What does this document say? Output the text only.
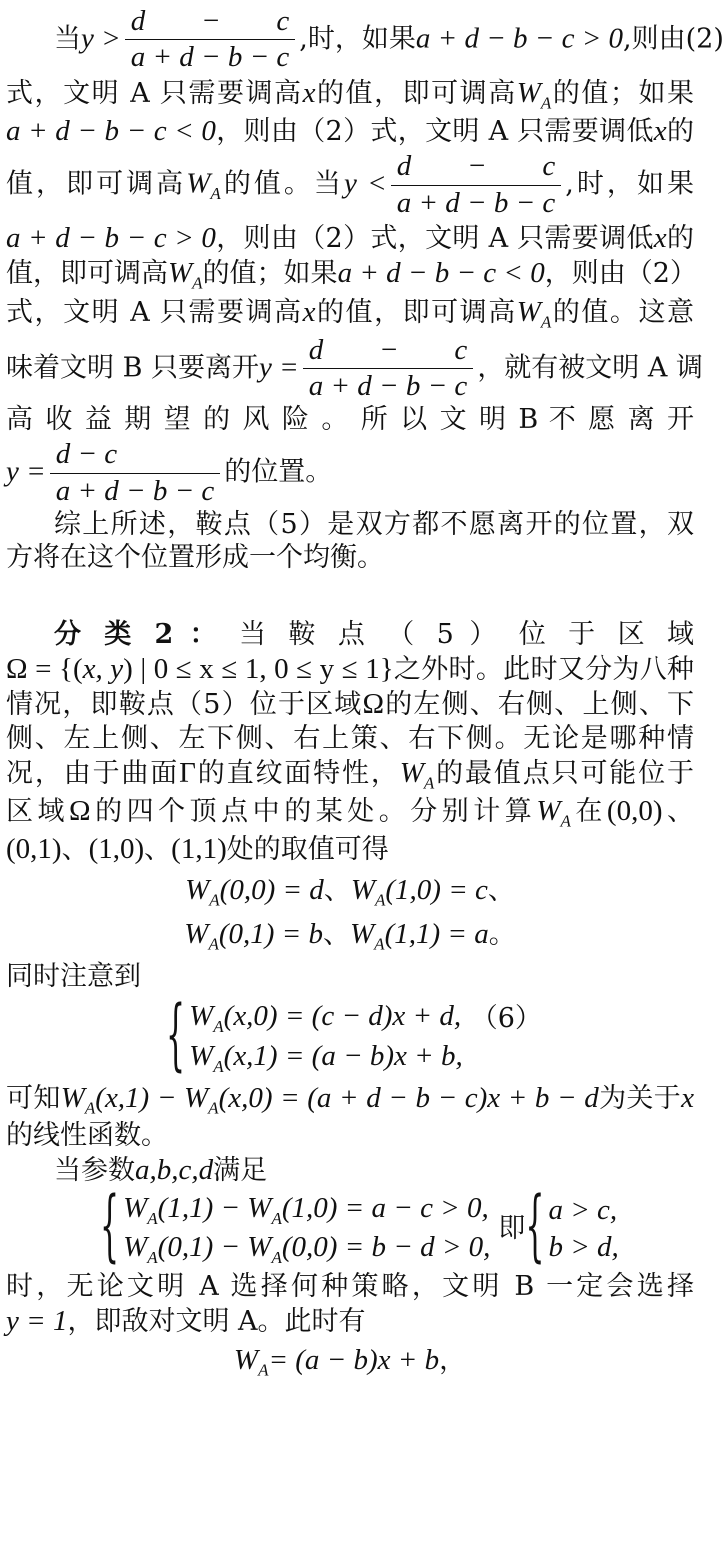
当$y > \frac{d - c}{a + d - b - c}$ ,时，如果a + d − b − c > 0,则由(2)

式，文明 A 只需要调高x的值，即可调高$W_A$的值；如果

a + d − b − c < 0，则由（2）式，文明 A 只需要调低x的

值，即可调高$W_A$的值。当$y < \frac{d - c}{a + d - b - c}$ ,时，如果

a + d − b − c > 0，则由（2）式，文明 A 只需要调低x的

值，即可调高$W_A$的值；如果a + d − b − c < 0，则由（2）

式，文明 A 只需要调高x的值，即可调高$W_A$的值。这意

味着文明 B 只要离开$y = \frac{d - c}{a + d - b - c}$ ，就有被文明 A 调

高 收 益 期 望 的 风 险 。 所 以 文 明 B 不 愿 离 开

$y = \frac{d - c}{a + d - b - c}$ 的位置。

综上所述，鞍点（5）是双方都不愿离开的位置，双

方将在这个位置形成一个均衡。

分 类 2 ： 当 鞍 点 （ 5 ） 位 于 区 域

Ω = {(x, y) | 0 ≤ x ≤ 1, 0 ≤ y ≤ 1}之外时。此时又分为八种

情况，即鞍点（5）位于区域Ω的左侧、右侧、上侧、下

侧、左上侧、左下侧、右上策、右下侧。无论是哪种情

况，由于曲面Γ的直纹面特性，$W_A$的最值点只可能位于

区域Ω的四个顶点中的某处。分别计算$W_A$在(0,0)、

(0,1)、(1,0)、(1,1)处的取值可得

$W_A(0,0) = d$、$W_A(1,0) = c$、

$W_A(0,1) = b$、$W_A(1,1) = a$。

同时注意到

{ $W_A(x,0) = (c - d)x + d$,
$W_A(x,1) = (a - b)x + b$,
（6）

可知$W_A(x,1) - W_A(x,0) = (a + d - b - c)x + b - d$为关于x

的线性函数。

当参数a,b,c,d满足

{ $W_A(1,1) - W_A(1,0) = a - c > 0$,
$W_A(0,1) - W_A(0,0) = b - d > 0$,
即 { a > c,
b > d,

时，无论文明 A 选择何种策略，文明 B 一定会选择

y = 1，即敌对文明 A。此时有

$W_A= (a - b)x + b$，
